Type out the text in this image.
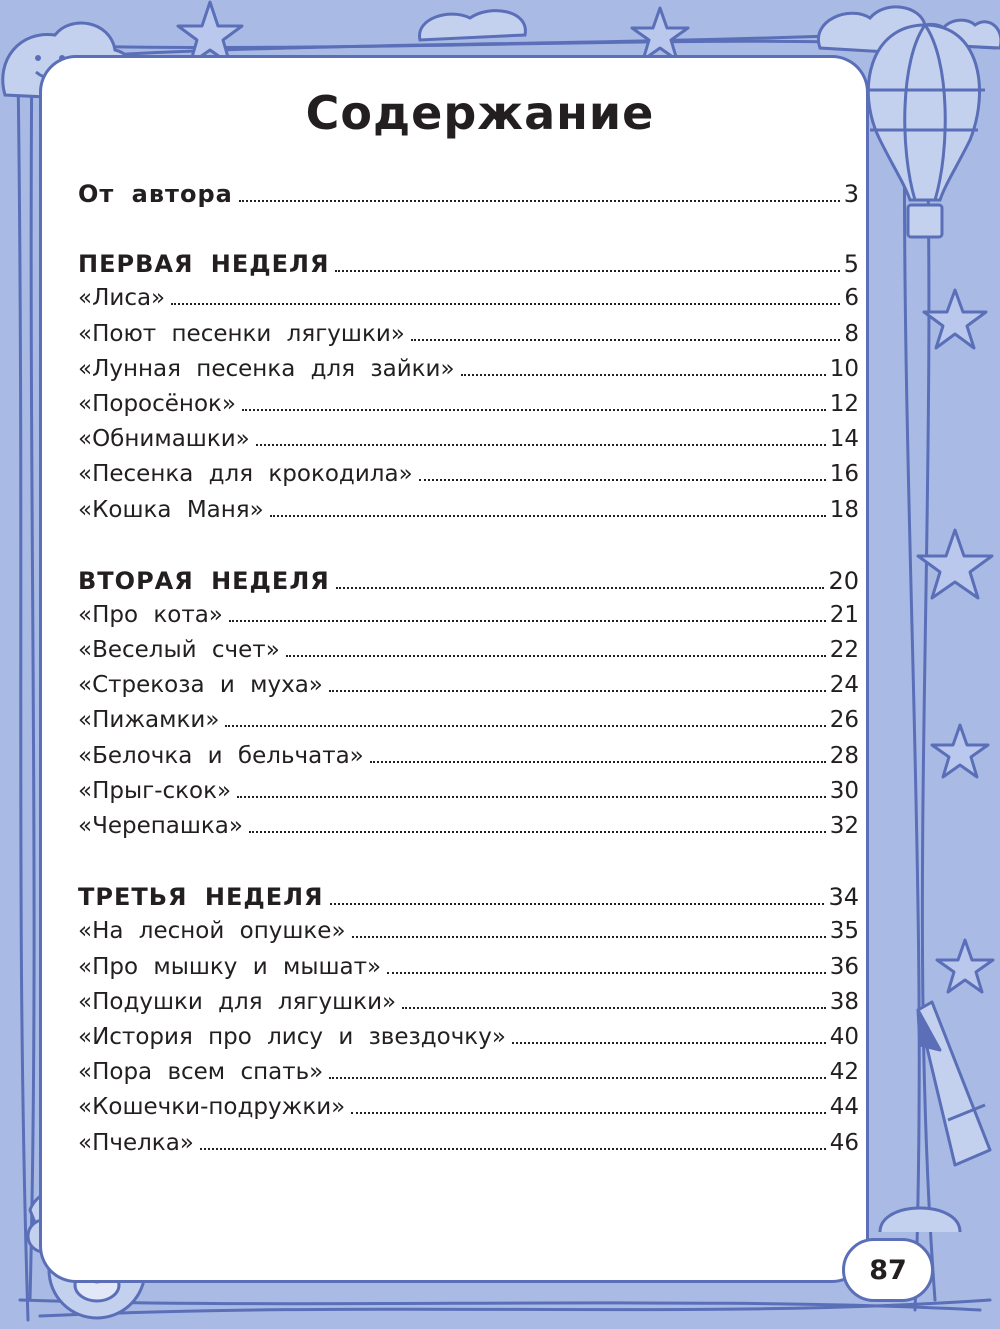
Содержание
От автора	3
ПЕРВАЯ НЕДЕЛЯ	5
«Лиса»	6
«Поют песенки лягушки»	8
«Лунная песенка для зайки»	10
«Поросёнок»	12
«Обнимашки»	14
«Песенка для крокодила»	16
«Кошка Маня»	18
ВТОРАЯ НЕДЕЛЯ	20
«Про кота»	21
«Веселый счет»	22
«Стрекоза и муха»	24
«Пижамки»	26
«Белочка и бельчата»	28
«Прыг-скок»	30
«Черепашка»	32
ТРЕТЬЯ НЕДЕЛЯ	34
«На лесной опушке»	35
«Про мышку и мышат»	36
«Подушки для лягушки»	38
«История про лису и звездочку»	40
«Пора всем спать»	42
«Кошечки-подружки»	44
«Пчелка»	46
87
